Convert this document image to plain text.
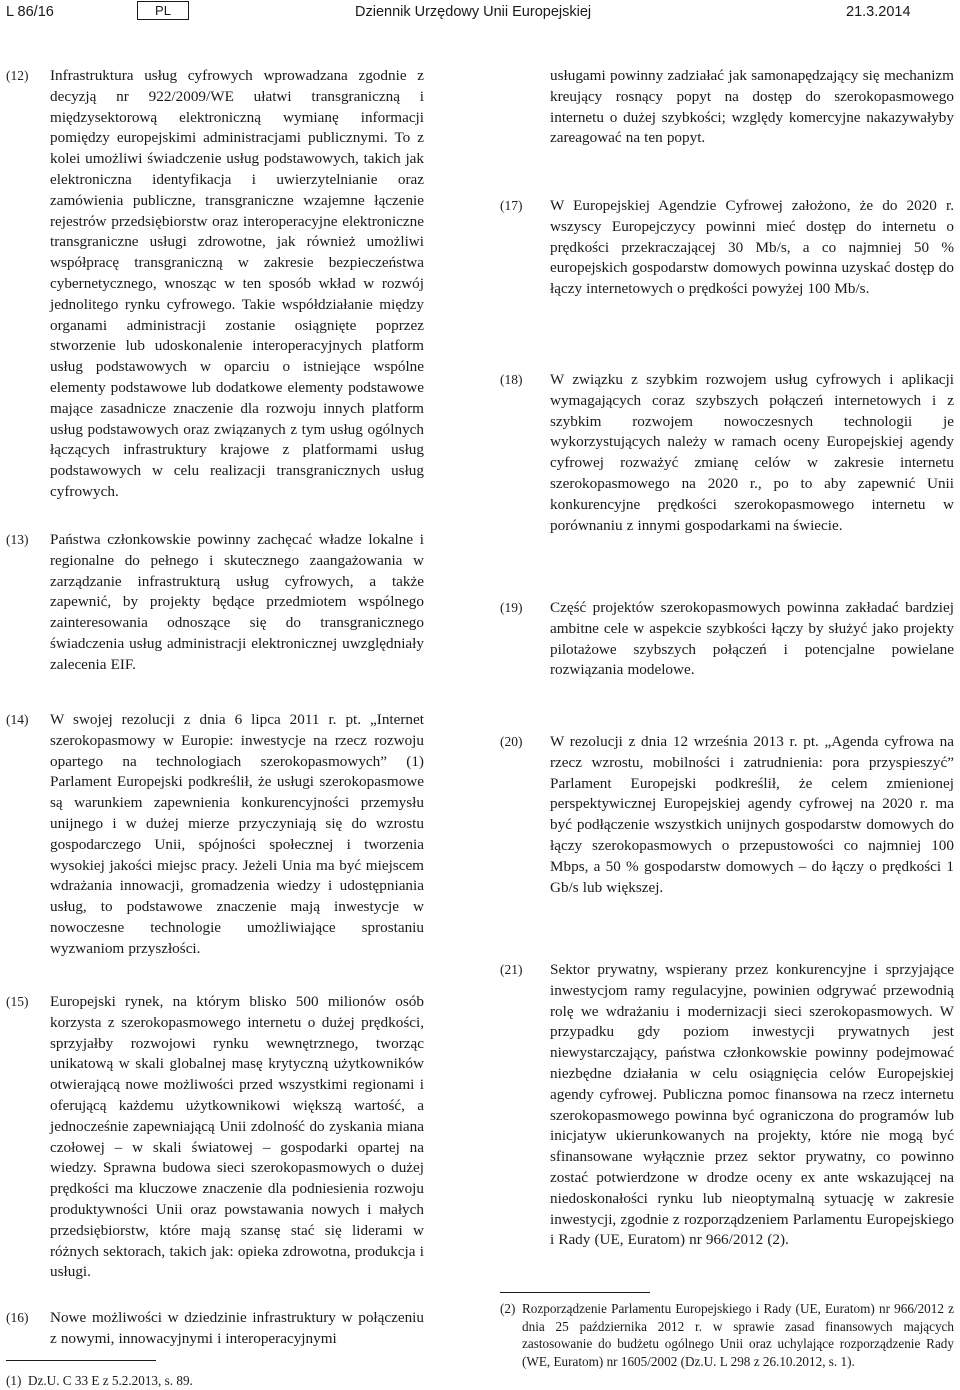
L 86/16	PL	Dziennik Urzędowy Unii Europejskiej	21.3.2014
(12) Infrastruktura usług cyfrowych wprowadzana zgodnie z decyzją nr 922/2009/WE ułatwi transgraniczną i międzysektorową elektroniczną wymianę informacji pomiędzy europejskimi administracjami publicznymi. To z kolei umożliwi świadczenie usług podstawowych, takich jak elektroniczna identyfikacja i uwierzytelnianie oraz zamówienia publiczne, transgraniczne wzajemne łączenie rejestrów przedsiębiorstw oraz interoperacyjne elektroniczne transgraniczne usługi zdrowotne, jak również umożliwi współpracę transgraniczną w zakresie bezpieczeństwa cybernetycznego, wnosząc w ten sposób wkład w rozwój jednolitego rynku cyfrowego. Takie współdziałanie między organami administracji zostanie osiągnięte poprzez stworzenie lub udoskonalenie interoperacyjnych platform usług podstawowych w oparciu o istniejące wspólne elementy podstawowe lub dodatkowe elementy podstawowe mające zasadnicze znaczenie dla rozwoju innych platform usług podstawowych oraz związanych z tym usług ogólnych łączących infrastruktury krajowe z platformami usług podstawowych w celu realizacji transgranicznych usług cyfrowych.
(13) Państwa członkowskie powinny zachęcać władze lokalne i regionalne do pełnego i skutecznego zaangażowania w zarządzanie infrastrukturą usług cyfrowych, a także zapewnić, by projekty będące przedmiotem wspólnego zainteresowania odnoszące się do transgranicznego świadczenia usług administracji elektronicznej uwzględniały zalecenia EIF.
(14) W swojej rezolucji z dnia 6 lipca 2011 r. pt. „Internet szerokopasmowy w Europie: inwestycje na rzecz rozwoju opartego na technologiach szerokopasmowych” (1) Parlament Europejski podkreślił, że usługi szerokopasmowe są warunkiem zapewnienia konkurencyjności przemysłu unijnego i w dużej mierze przyczyniają się do wzrostu gospodarczego Unii, spójności społecznej i tworzenia wysokiej jakości miejsc pracy. Jeżeli Unia ma być miejscem wdrażania innowacji, gromadzenia wiedzy i udostępniania usług, to podstawowe znaczenie mają inwestycje w nowoczesne technologie umożliwiające sprostaniu wyzwaniom przyszłości.
(15) Europejski rynek, na którym blisko 500 milionów osób korzysta z szerokopasmowego internetu o dużej prędkości, sprzyjałby rozwojowi rynku wewnętrznego, tworząc unikatową w skali globalnej masę krytyczną użytkowników otwierającą nowe możliwości przed wszystkimi regionami i oferującą każdemu użytkownikowi większą wartość, a jednocześnie zapewniającą Unii zdolność do zyskania miana czołowej – w skali światowej – gospodarki opartej na wiedzy. Sprawna budowa sieci szerokopasmowych o dużej prędkości ma kluczowe znaczenie dla podniesienia rozwoju produktywności Unii oraz powstawania nowych i małych przedsiębiorstw, które mają szansę stać się liderami w różnych sektorach, takich jak: opieka zdrowotna, produkcja i usługi.
(16) Nowe możliwości w dziedzinie infrastruktury w połączeniu z nowymi, innowacyjnymi i interoperacyjnymi
(1) Dz.U. C 33 E z 5.2.2013, s. 89.
usługami powinny zadziałać jak samonapędzający się mechanizm kreujący rosnący popyt na dostęp do szerokopasmowego internetu o dużej szybkości; względy komercyjne nakazywałyby zareagować na ten popyt.
(17) W Europejskiej Agendzie Cyfrowej założono, że do 2020 r. wszyscy Europejczycy powinni mieć dostęp do internetu o prędkości przekraczającej 30 Mb/s, a co najmniej 50 % europejskich gospodarstw domowych powinna uzyskać dostęp do łączy internetowych o prędkości powyżej 100 Mb/s.
(18) W związku z szybkim rozwojem usług cyfrowych i aplikacji wymagających coraz szybszych połączeń internetowych i z szybkim rozwojem nowoczesnych technologii je wykorzystujących należy w ramach oceny Europejskiej agendy cyfrowej rozważyć zmianę celów w zakresie internetu szerokopasmowego na 2020 r., po to aby zapewnić Unii konkurencyjne prędkości szerokopasmowego internetu w porównaniu z innymi gospodarkami na świecie.
(19) Część projektów szerokopasmowych powinna zakładać bardziej ambitne cele w aspekcie szybkości łączy by służyć jako projekty pilotażowe szybszych połączeń i potencjalne powielane rozwiązania modelowe.
(20) W rezolucji z dnia 12 września 2013 r. pt. „Agenda cyfrowa na rzecz wzrostu, mobilności i zatrudnienia: pora przyspieszyć” Parlament Europejski podkreślił, że celem zmienionej perspektywicznej Europejskiej agendy cyfrowej na 2020 r. ma być podłączenie wszystkich unijnych gospodarstw domowych do łączy szerokopasmowych o przepustowości co najmniej 100 Mbps, a 50 % gospodarstw domowych – do łączy o prędkości 1 Gb/s lub większej.
(21) Sektor prywatny, wspierany przez konkurencyjne i sprzyjające inwestycjom ramy regulacyjne, powinien odgrywać przewodnią rolę we wdrażaniu i modernizacji sieci szerokopasmowych. W przypadku gdy poziom inwestycji prywatnych jest niewystarczający, państwa członkowskie powinny podejmować niezbędne działania w celu osiągnięcia celów Europejskiej agendy cyfrowej. Publiczna pomoc finansowa na rzecz internetu szerokopasmowego powinna być ograniczona do programów lub inicjatyw ukierunkowanych na projekty, które nie mogą być sfinansowane wyłącznie przez sektor prywatny, co powinno zostać potwierdzone w drodze oceny ex ante wskazującej na niedoskonałości rynku lub nieoptymalną sytuację w zakresie inwestycji, zgodnie z rozporządzeniem Parlamentu Europejskiego i Rady (UE, Euratom) nr 966/2012 (2).
(2) Rozporządzenie Parlamentu Europejskiego i Rady (UE, Euratom) nr 966/2012 z dnia 25 października 2012 r. w sprawie zasad finansowych mających zastosowanie do budżetu ogólnego Unii oraz uchylające rozporządzenie Rady (WE, Euratom) nr 1605/2002 (Dz.U. L 298 z 26.10.2012, s. 1).
